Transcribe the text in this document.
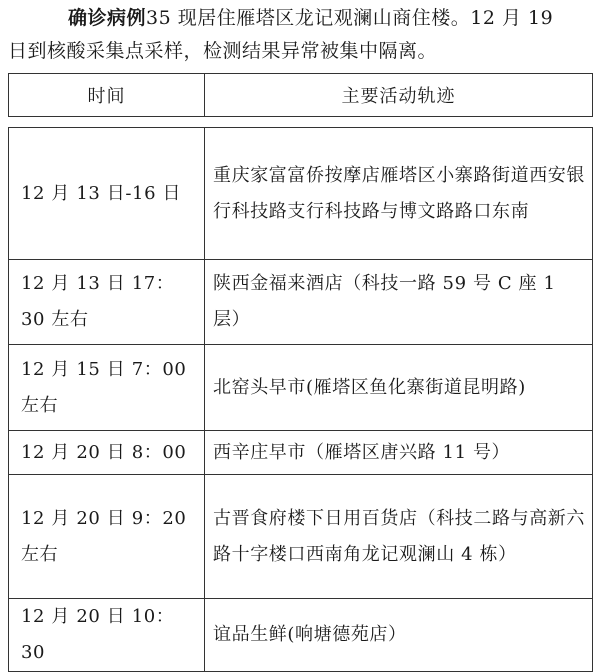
确诊病例35 现居住雁塔区龙记观澜山商住楼。12 月 19
日到核酸采集点采样，检测结果异常被集中隔离。
时间	主要活动轨迹
12 月 13 日-16 日	重庆家富富侨按摩店雁塔区小寨路街道西安银行科技路支行科技路与博文路路口东南
12 月 13 日 17：30 左右	陕西金福来酒店（科技一路 59 号 C 座 1 层）
12 月 15 日 7：00 左右	北窑头早市(雁塔区鱼化寨街道昆明路)
12 月 20 日 8：00	西辛庄早市（雁塔区唐兴路 11 号）
12 月 20 日 9：20 左右	古晋食府楼下日用百货店（科技二路与高新六路十字楼口西南角龙记观澜山 4 栋）
12 月 20 日 10：30	谊品生鲜(响塘德苑店）
